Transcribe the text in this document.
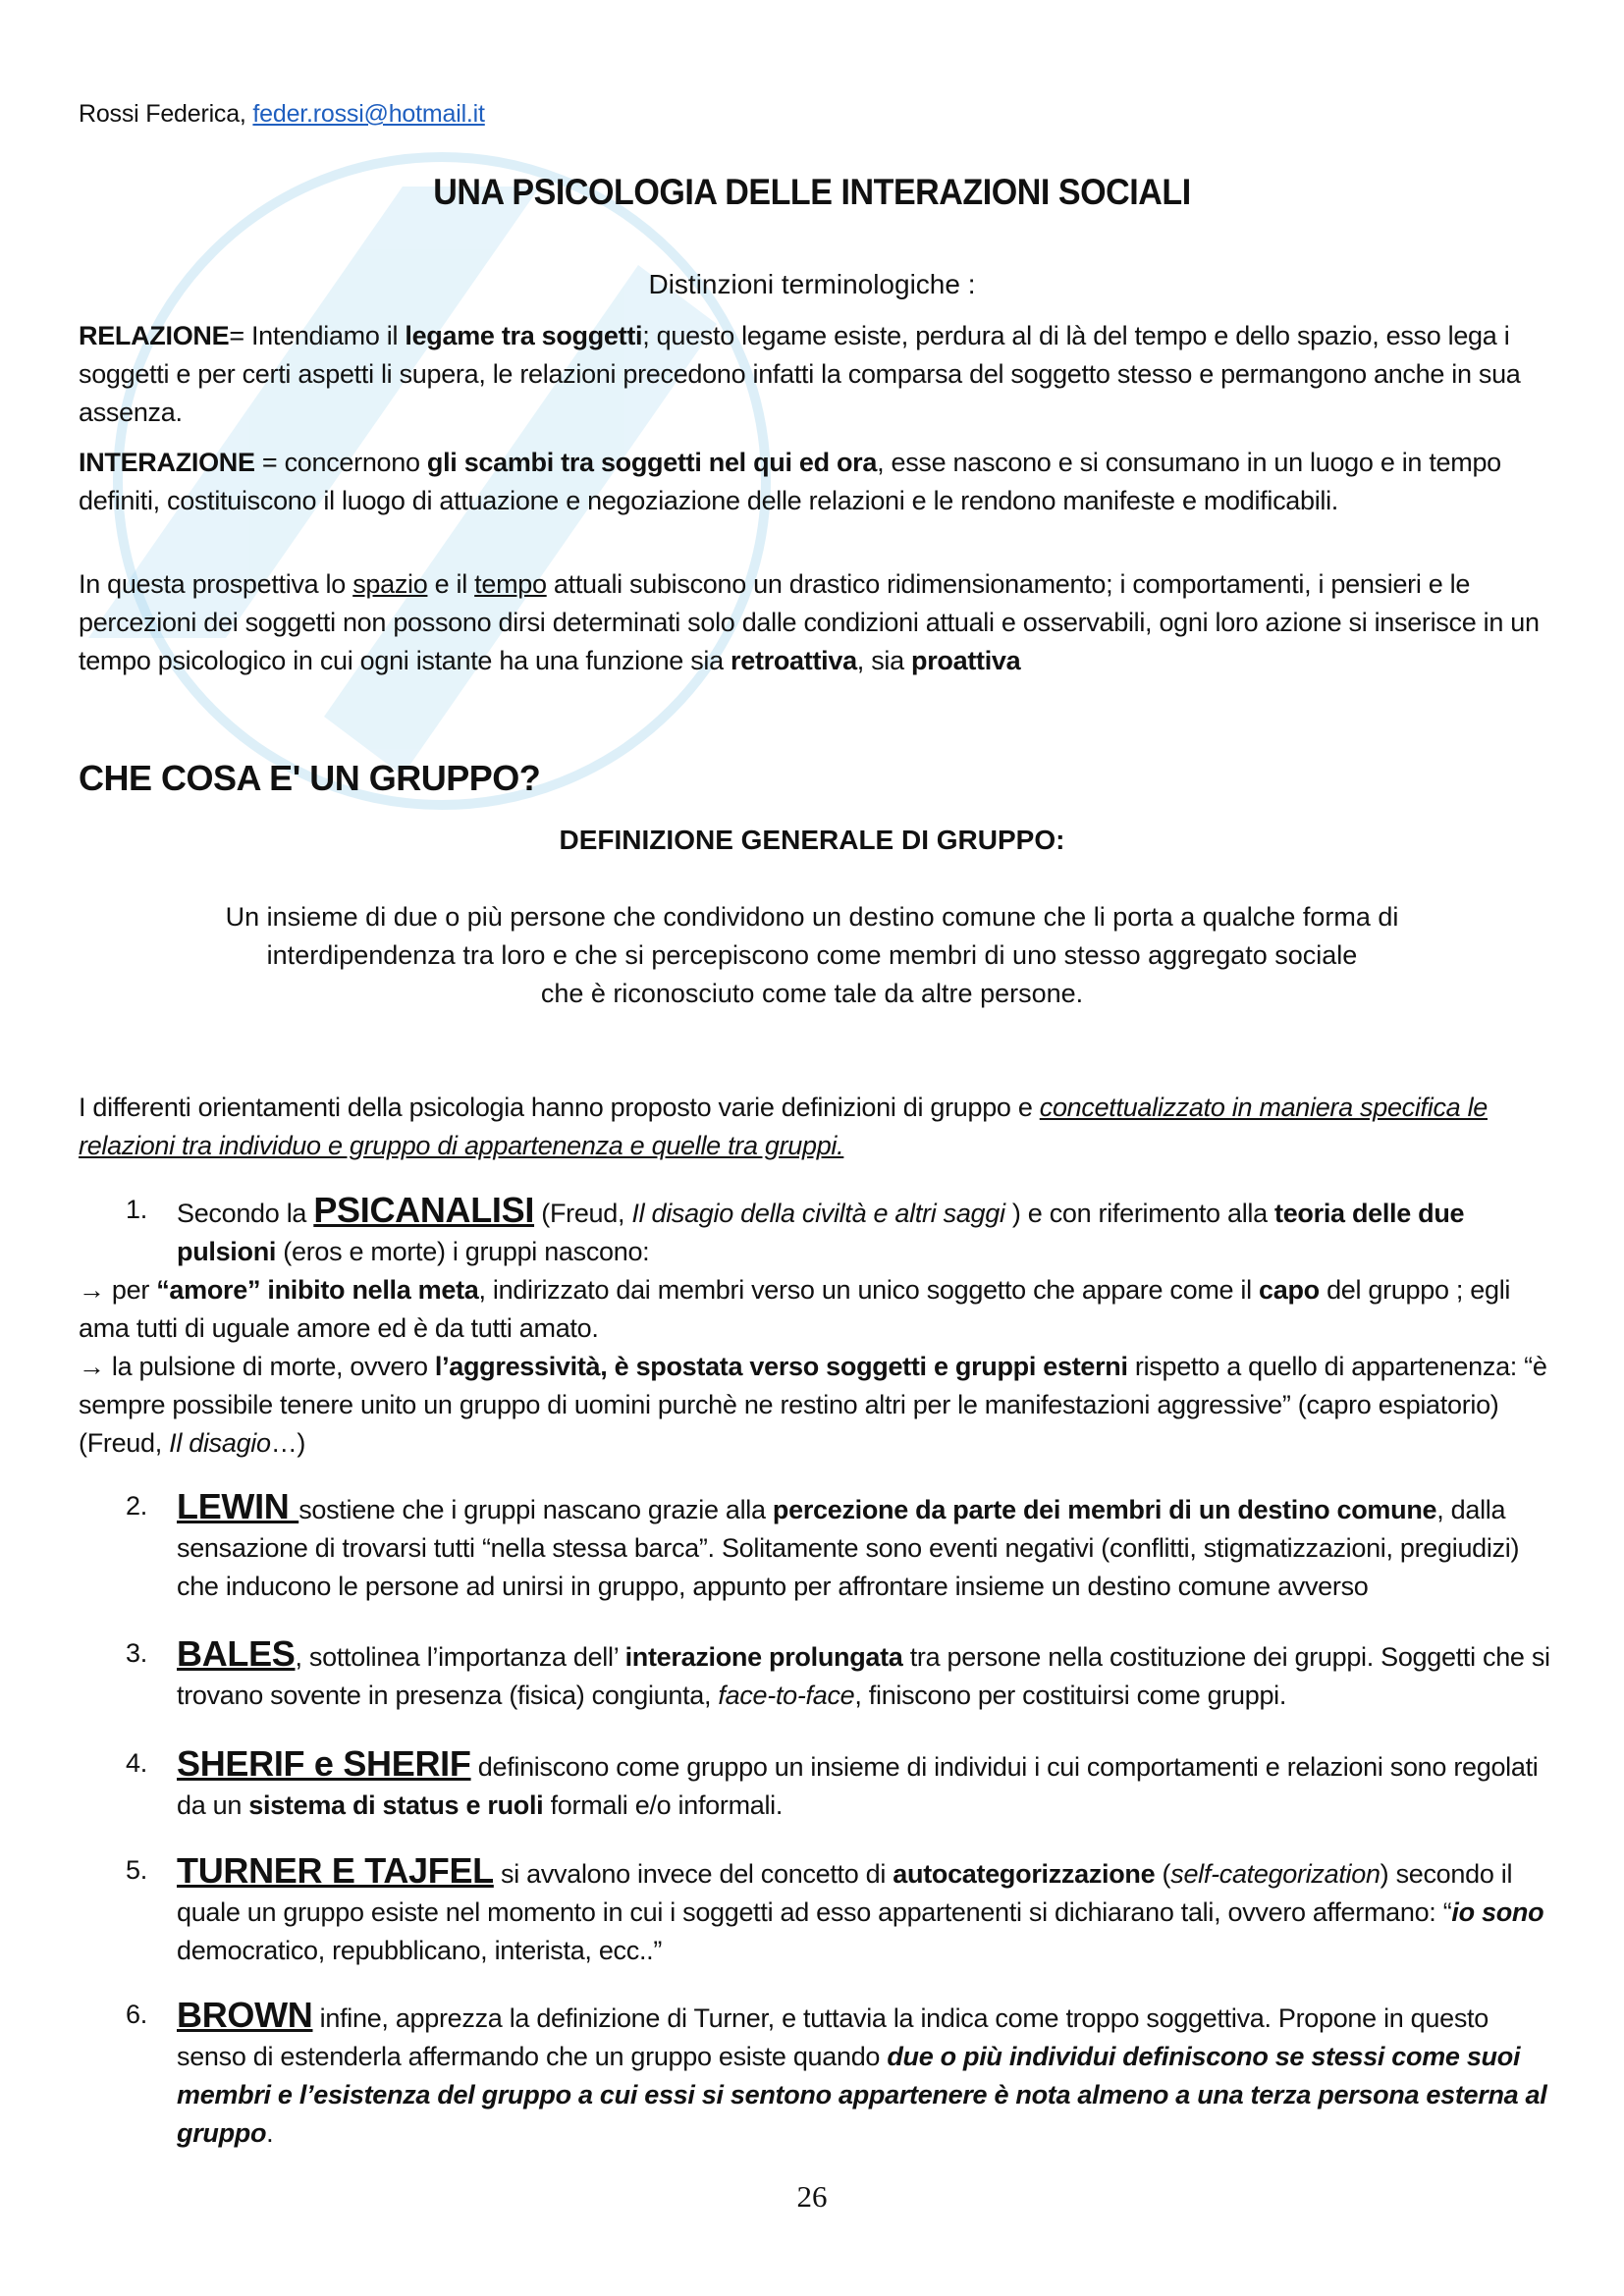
Rossi Federica, feder.rossi@hotmail.it
UNA PSICOLOGIA DELLE INTERAZIONI SOCIALI
Distinzioni terminologiche :

RELAZIONE= Intendiamo il legame tra soggetti; questo legame esiste, perdura al di là del tempo e dello spazio, esso lega i soggetti e per certi aspetti li supera, le relazioni precedono infatti la comparsa del soggetto stesso e permangono anche in sua assenza.

INTERAZIONE = concernono gli scambi tra soggetti nel qui ed ora, esse nascono e si consumano in un luogo e in tempo definiti, costituiscono il luogo di attuazione e negoziazione delle relazioni e le rendono manifeste e modificabili.

In questa prospettiva lo spazio e il tempo attuali subiscono un drastico ridimensionamento; i comportamenti, i pensieri e le percezioni dei soggetti non possono dirsi determinati solo dalle condizioni attuali e osservabili, ogni loro azione si inserisce in un tempo psicologico in cui ogni istante ha una funzione sia retroattiva, sia proattiva

CHE COSA E' UN GRUPPO?
DEFINIZIONE GENERALE DI GRUPPO:
Un insieme di due o più persone che condividono un destino comune che li porta a qualche forma di
interdipendenza tra loro e che si percepiscono come membri di uno stesso aggregato sociale
che è riconosciuto come tale da altre persone.

I differenti orientamenti della psicologia hanno proposto varie definizioni di gruppo e concettualizzato in maniera specifica le relazioni tra individuo e gruppo di appartenenza e quelle tra gruppi.

1. Secondo la PSICANALISI (Freud, Il disagio della civiltà e altri saggi ) e con riferimento alla teoria delle due pulsioni (eros e morte) i gruppi nascono:
→ per “amore” inibito nella meta, indirizzato dai membri verso un unico soggetto che appare come il capo del gruppo ; egli ama tutti di uguale amore ed è da tutti amato.
→ la pulsione di morte, ovvero l’aggressività, è spostata verso soggetti e gruppi esterni rispetto a quello di appartenenza: “è sempre possibile tenere unito un gruppo di uomini purchè ne restino altri per le manifestazioni aggressive” (capro espiatorio) (Freud, Il disagio…)
2. LEWIN sostiene che i gruppi nascano grazie alla percezione da parte dei membri di un destino comune, dalla sensazione di trovarsi tutti “nella stessa barca”. Solitamente sono eventi negativi (conflitti, stigmatizzazioni, pregiudizi) che inducono le persone ad unirsi in gruppo, appunto per affrontare insieme un destino comune avverso
3. BALES, sottolinea l’importanza dell’ interazione prolungata tra persone nella costituzione dei gruppi. Soggetti che si trovano sovente in presenza (fisica) congiunta, face-to-face, finiscono per costituirsi come gruppi.
4. SHERIF e SHERIF definiscono come gruppo un insieme di individui i cui comportamenti e relazioni sono regolati da un sistema di status e ruoli formali e/o informali.
5. TURNER E TAJFEL si avvalono invece del concetto di autocategorizzazione (self-categorization) secondo il quale un gruppo esiste nel momento in cui i soggetti ad esso appartenenti si dichiarano tali, ovvero affermano: “io sono democratico, repubblicano, interista, ecc..”
6. BROWN infine, apprezza la definizione di Turner, e tuttavia la indica come troppo soggettiva. Propone in questo senso di estenderla affermando che un gruppo esiste quando due o più individui definiscono se stessi come suoi membri e l’esistenza del gruppo a cui essi si sentono appartenere è nota almeno a una terza persona esterna al gruppo.
26
